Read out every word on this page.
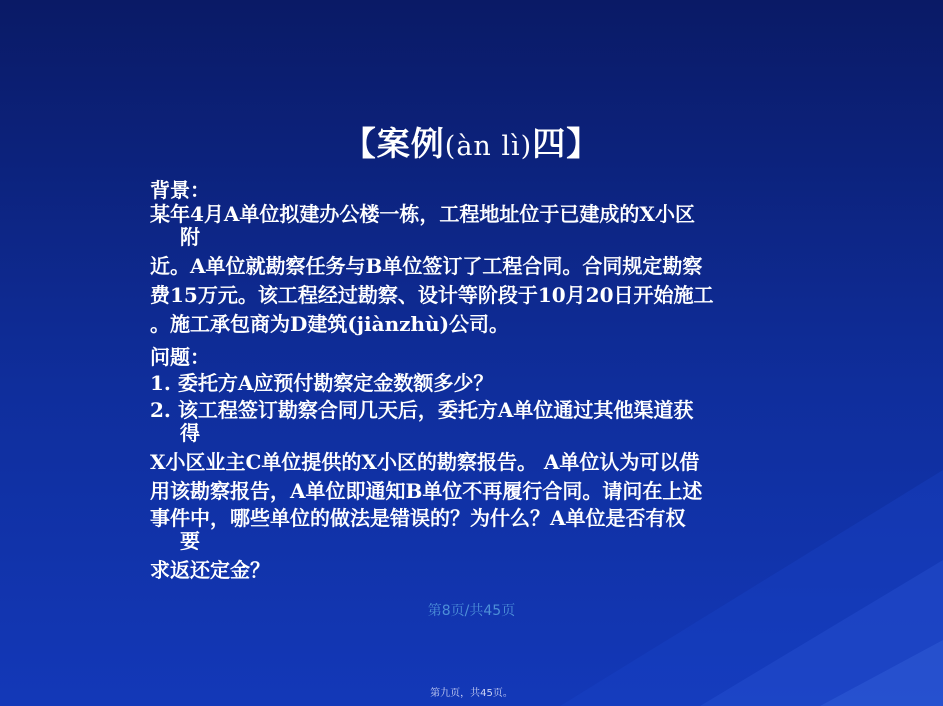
【案例(àn lì)四】
背景：
某年4月A单位拟建办公楼一栋，工程地址位于已建成的X小区
附
近。A单位就勘察任务与B单位签订了工程合同。合同规定勘察
费15万元。该工程经过勘察、设计等阶段于10月20日开始施工
。施工承包商为D建筑(jiànzhù)公司。
问题：
1. 委托方A应预付勘察定金数额多少？
2. 该工程签订勘察合同几天后，委托方A单位通过其他渠道获
得
X小区业主C单位提供的X小区的勘察报告。 A单位认为可以借
用该勘察报告，A单位即通知B单位不再履行合同。请问在上述
事件中，哪些单位的做法是错误的？为什么？A单位是否有权
要
求返还定金？
第8页/共45页
第九页，共45页。
